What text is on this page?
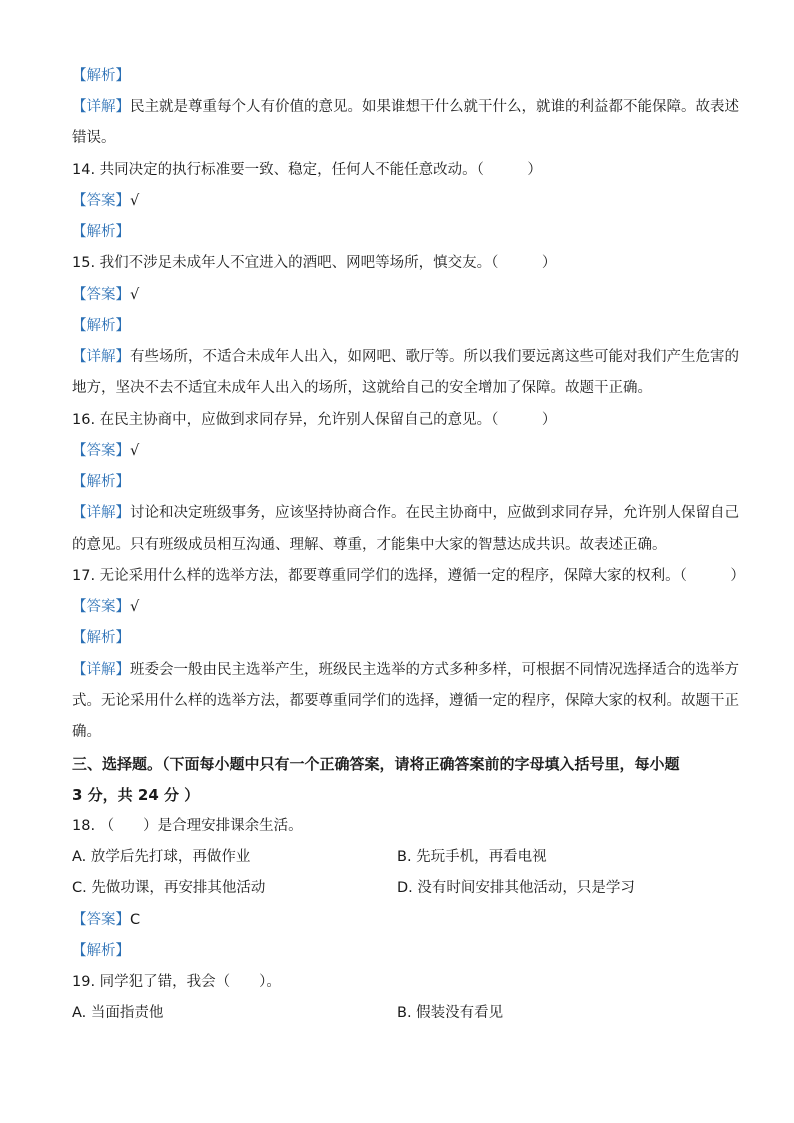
【解析】
【详解】民主就是尊重每个人有价值的意见。如果谁想干什么就干什么，就谁的利益都不能保障。故表述
错误。
14. 共同决定的执行标准要一致、稳定，任何人不能任意改动。（　　　）
【答案】√
【解析】
15. 我们不涉足未成年人不宜进入的酒吧、网吧等场所，慎交友。（　　　）
【答案】√
【解析】
【详解】有些场所，不适合未成年人出入，如网吧、歌厅等。所以我们要远离这些可能对我们产生危害的
地方，坚决不去不适宜未成年人出入的场所，这就给自己的安全增加了保障。故题干正确。
16. 在民主协商中，应做到求同存异，允许别人保留自己的意见。（　　　）
【答案】√
【解析】
【详解】讨论和决定班级事务，应该坚持协商合作。在民主协商中，应做到求同存异，允许别人保留自己
的意见。只有班级成员相互沟通、理解、尊重，才能集中大家的智慧达成共识。故表述正确。
17. 无论采用什么样的选举方法，都要尊重同学们的选择，遵循一定的程序，保障大家的权利。（　　　）
【答案】√
【解析】
【详解】班委会一般由民主选举产生，班级民主选举的方式多种多样，可根据不同情况选择适合的选举方
式。无论采用什么样的选举方法，都要尊重同学们的选择，遵循一定的程序，保障大家的权利。故题干正
确。
三、选择题。（下面每小题中只有一个正确答案，请将正确答案前的字母填入括号里，每小题
3 分，共 24 分 ）
18. （　　）是合理安排课余生活。
A. 放学后先打球，再做作业	B. 先玩手机，再看电视
C. 先做功课，再安排其他活动	D. 没有时间安排其他活动，只是学习
【答案】C
【解析】
19. 同学犯了错，我会（　　）。
A. 当面指责他	B. 假装没有看见
